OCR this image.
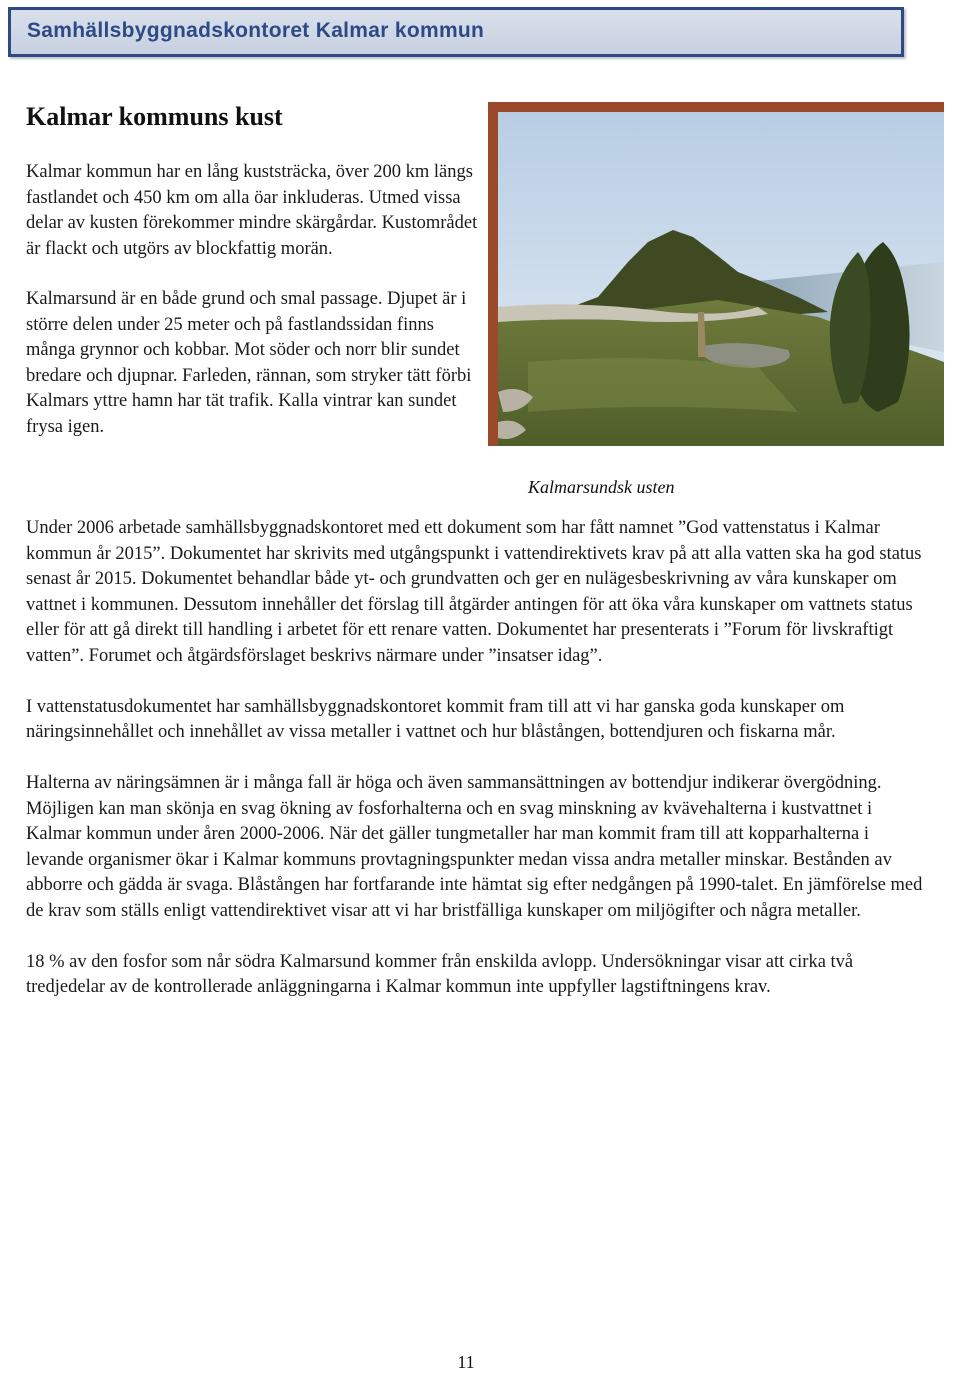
Samhällsbyggnadskontoret Kalmar kommun
Kalmar kommuns kust

Kalmar kommun har en lång kuststräcka, över 200 km längs fastlandet och 450 km om alla öar inkluderas. Utmed vissa delar av kusten förekommer mindre skärgårdar. Kustområdet är flackt och utgörs av blockfattig morän.

Kalmarsund är en både grund och smal passage. Djupet är i större delen under 25 meter och på fastlandssidan finns många grynnor och kobbar. Mot söder och norr blir sundet bredare och djupnar. Farleden, rännan, som stryker tätt förbi Kalmars yttre hamn har tät trafik. Kalla vintrar kan sundet frysa igen.

Kalmarsundsk usten

Under 2006 arbetade samhällsbyggnadskontoret med ett dokument som har fått namnet ”God vattenstatus i Kalmar kommun år 2015”. Dokumentet har skrivits med utgångspunkt i vattendirektivets krav på att alla vatten ska ha god status senast år 2015. Dokumentet behandlar både yt- och grundvatten och ger en nulägesbeskrivning av våra kunskaper om vattnet i kommunen. Dessutom innehåller det förslag till åtgärder antingen för att öka våra kunskaper om vattnets status eller för att gå direkt till handling i arbetet för ett renare vatten. Dokumentet har presenterats i ”Forum för livskraftigt vatten”. Forumet och åtgärdsförslaget beskrivs närmare under ”insatser idag”.

I vattenstatusdokumentet har samhällsbyggnadskontoret kommit fram till att vi har ganska goda kunskaper om näringsinnehållet och innehållet av vissa metaller i vattnet och hur blåstången, bottendjuren och fiskarna mår.

Halterna av näringsämnen är i många fall är höga och även sammansättningen av bottendjur indikerar övergödning. Möjligen kan man skönja en svag ökning av fosforhalterna och en svag minskning av kvävehalterna i kustvattnet i Kalmar kommun under åren 2000-2006. När det gäller tungmetaller har man kommit fram till att kopparhalterna i levande organismer ökar i Kalmar kommuns provtagningspunkter medan vissa andra metaller minskar. Bestånden av abborre och gädda är svaga. Blåstången har fortfarande inte hämtat sig efter nedgången på 1990-talet. En jämförelse med de krav som ställs enligt vattendirektivet visar att vi har bristfälliga kunskaper om miljögifter och några metaller.

18 % av den fosfor som når södra Kalmarsund kommer från enskilda avlopp. Undersökningar visar att cirka två tredjedelar av de kontrollerade anläggningarna i Kalmar kommun inte uppfyller lagstiftningens krav.

11
